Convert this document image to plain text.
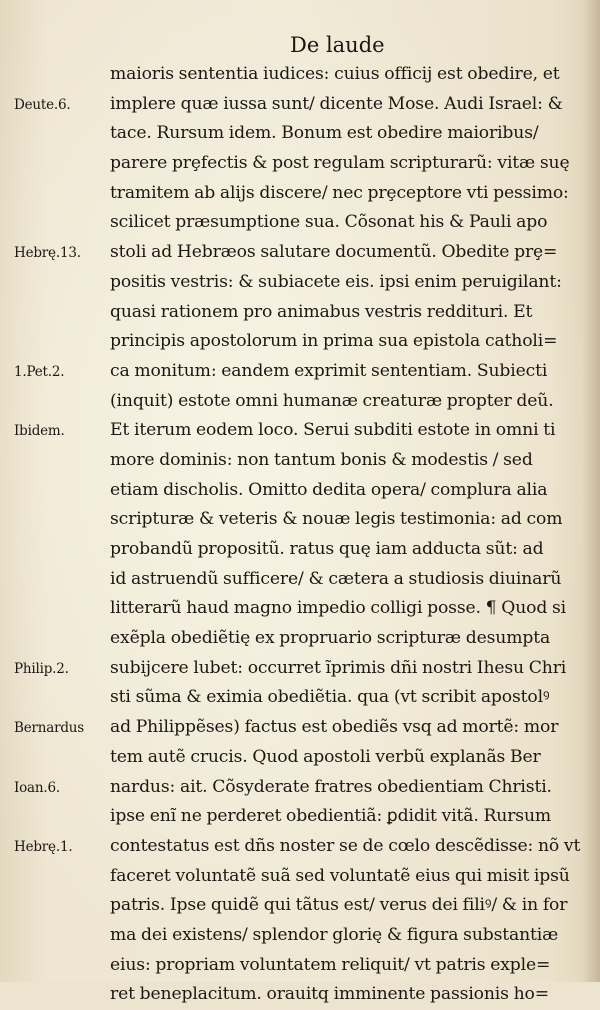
De laude
Deute.6.
Hebrę.13.
1.Pet.2.
Ibidem.
Philip.2.
Bernardus
Ioan.6.
Hebrę.1.
maioris sententia iudices: cuius officij est obedire, et
implere quæ iussa sunt/ dicente Mose. Audi Israel: &
tace. Rursum idem. Bonum est obedire maioribus/
parere prȩfectis & post regulam scripturarũ: vitæ suę
tramitem ab alijs discere/ nec prȩceptore vti pessimo:
scilicet præsumptione sua. Cõsonat his & Pauli apo
stoli ad Hebræos salutare documentũ. Obedite prȩ=
positis vestris: & subiacete eis. ipsi enim peruigilant:
quasi rationem pro animabus vestris reddituri. Et
principis apostolorum in prima sua epistola catholi=
ca monitum: eandem exprimit sententiam. Subiecti
(inquit) estote omni humanæ creaturæ propter deũ.
Et iterum eodem loco. Serui subditi estote in omni ti
more dominis: non tantum bonis & modestis / sed
etiam discholis. Omitto dedita opera/ complura alia
scripturæ & veteris & nouæ legis testimonia: ad com
probandũ propositũ. ratus quę iam adducta sũt: ad
id astruendũ sufficere/ & cætera a studiosis diuinarũ
litterarũ haud magno impedio colligi posse. ¶ Quod si
exẽpla obediẽtię ex propruario scripturæ desumpta
subijcere lubet: occurret ĩprimis dñi nostri Ihesu Chri
sti sũma & eximia obediẽtia. qua (vt scribit apostolꝰ
ad Philippẽses) factus est obediẽs vsq ad mortẽ: mor
tem autẽ crucis. Quod apostoli verbũ explanãs Ber
nardus: ait. Cõsyderate fratres obedientiam Christi.
ipse enĩ ne perderet obedientiã: ꝑdidit vitã. Rursum
contestatus est dñs noster se de cœlo descẽdisse: nõ vt
faceret voluntatẽ suã sed voluntatẽ eius qui misit ipsũ
patris. Ipse quidẽ qui tãtus est/ verus dei filiꝰ/ & in for
ma dei existens/ splendor glorię & figura substantiæ
eius: propriam voluntatem reliquit/ vt patris exple=
ret beneplacitum. orauitq imminente passionis ho=
